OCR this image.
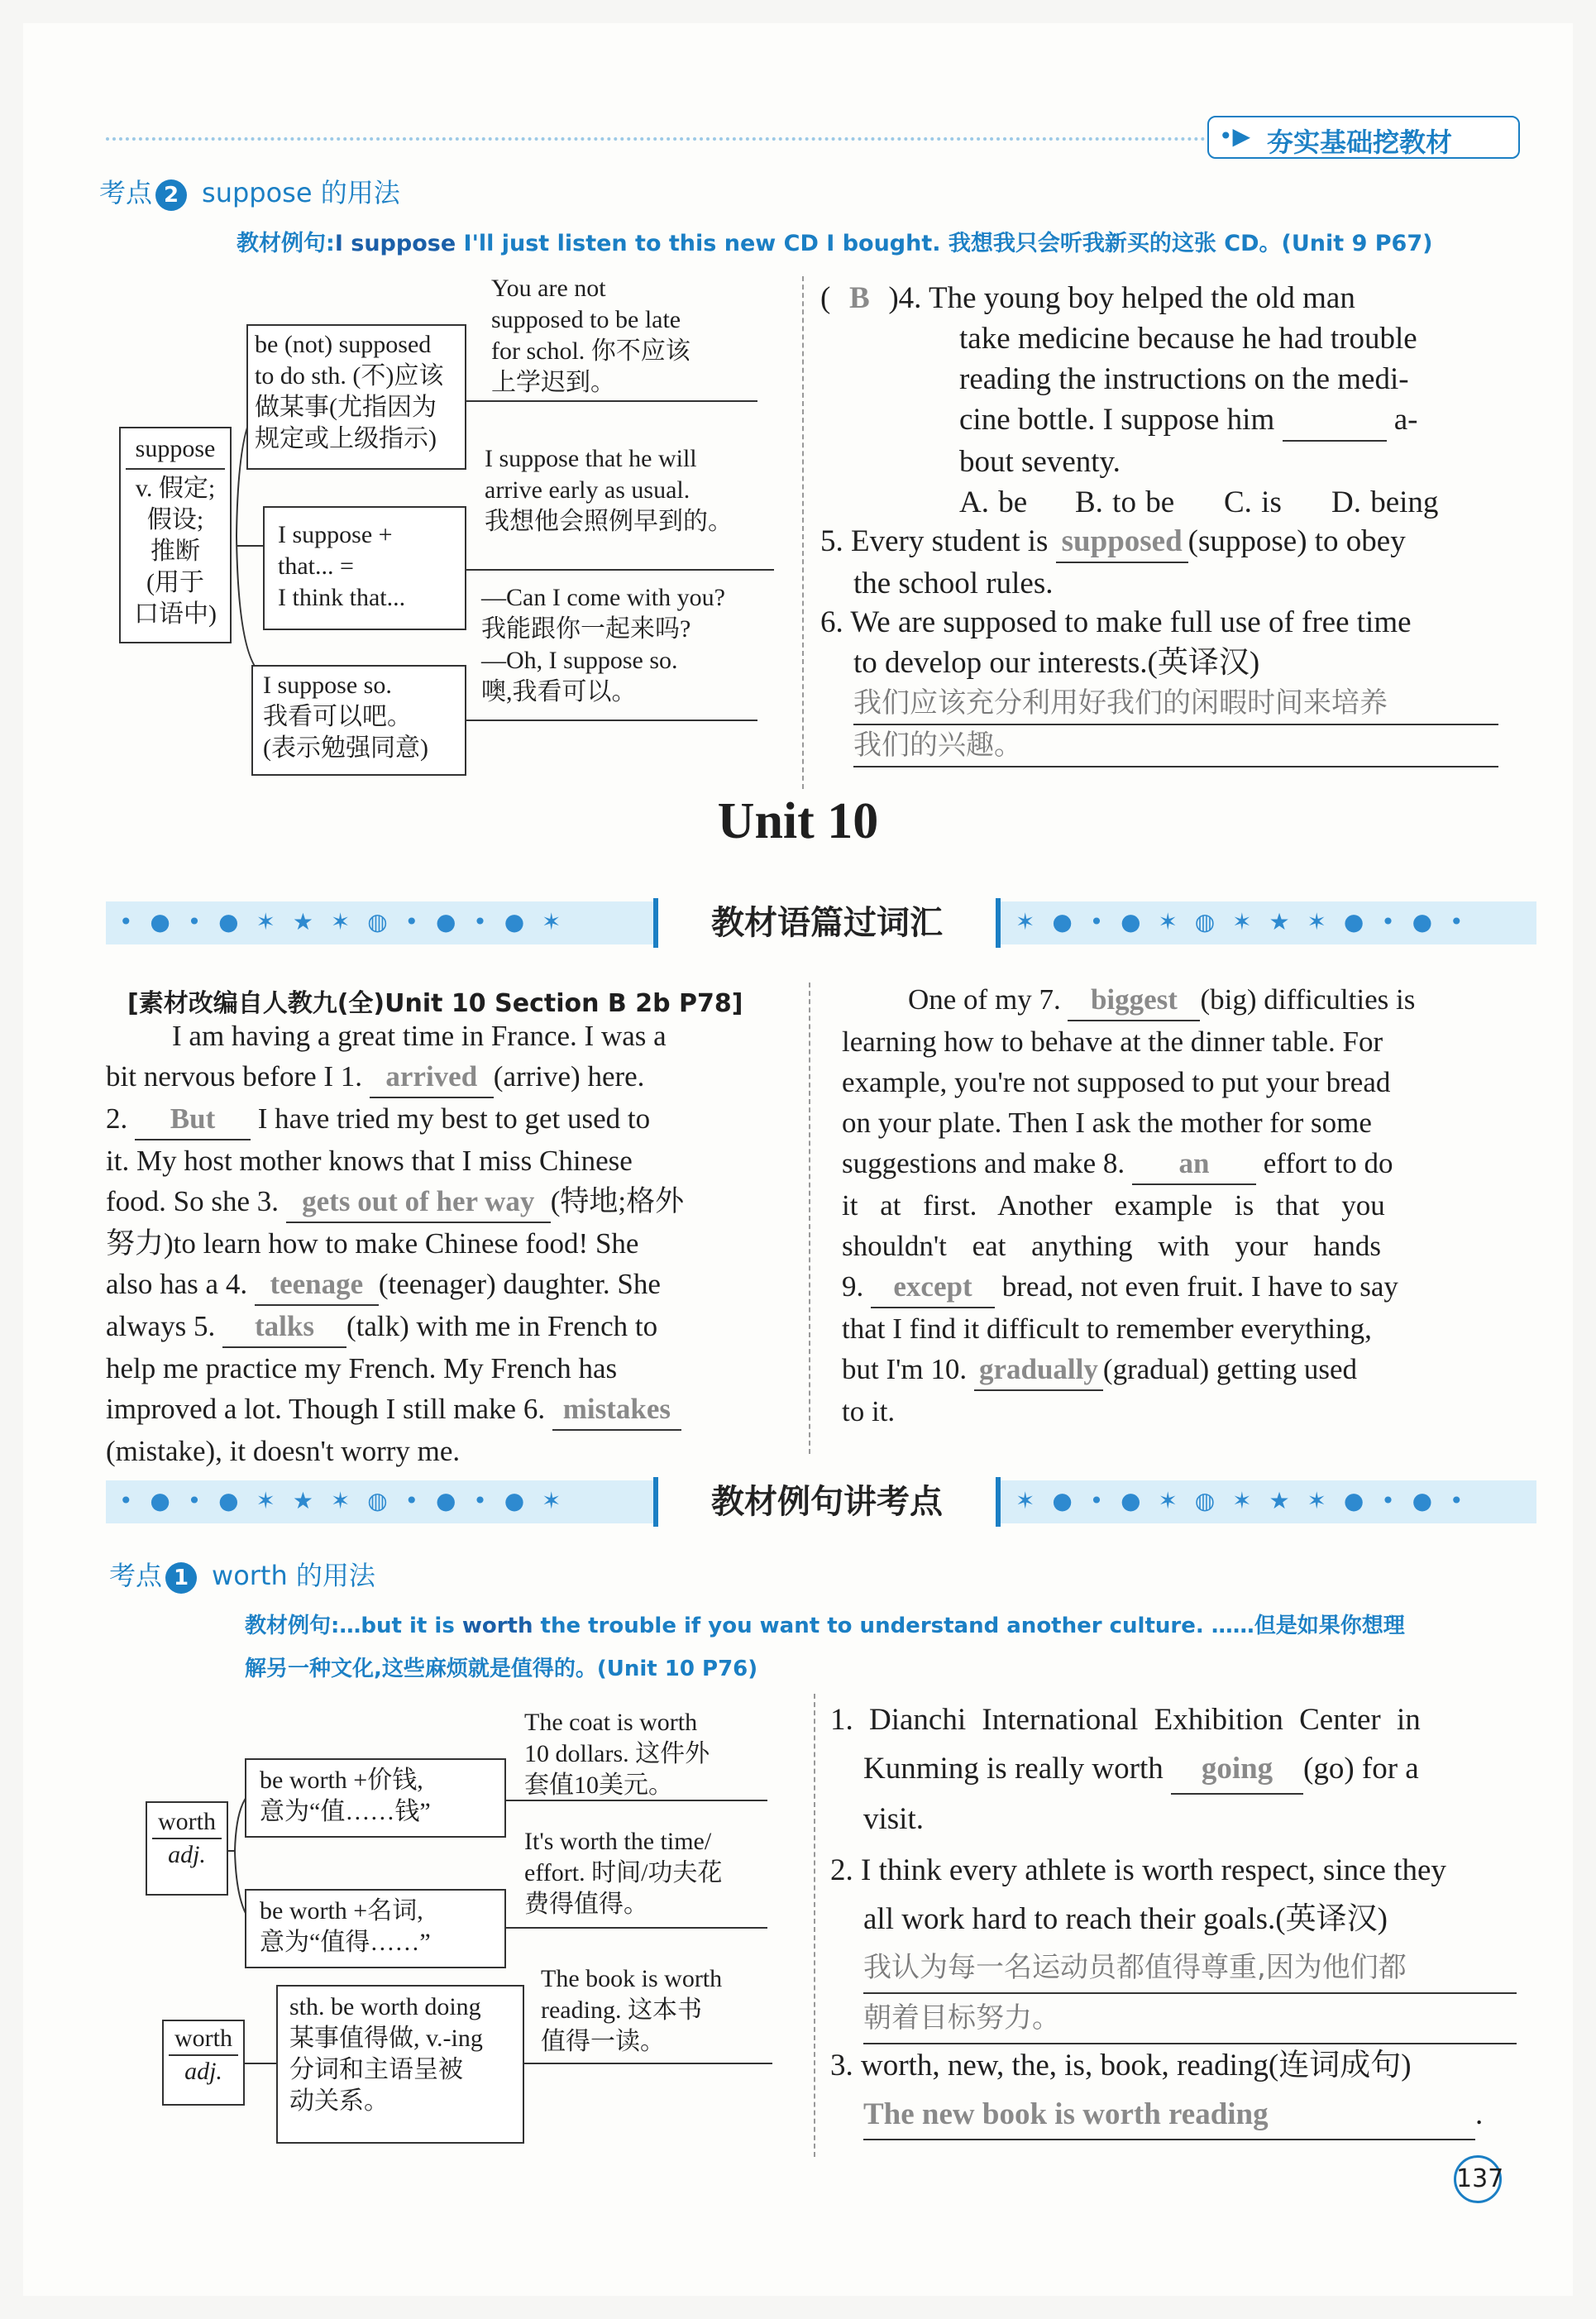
•▶ 夯实基础挖教材
考点 2 suppose 的用法
教材例句:I suppose I'll just listen to this new CD I bought. 我想我只会听我新买的这张 CD。(Unit 9 P67)
suppose
v. 假定;
假设;
推断
(用于
口语中)
be (not) supposed
to do sth. (不)应该
做某事(尤指因为
规定或上级指示)
You are not
supposed to be late
for schol. 你不应该
上学迟到。
I suppose +
that... =
I think that...
I suppose that he will
arrive early as usual.
我想他会照例早到的。
I suppose so.
我看可以吧。
(表示勉强同意)
—Can I come with you?
我能跟你一起来吗?
—Oh, I suppose so.
噢,我看可以。
( B )4. The young boy helped the old man
take medicine because he had trouble
reading the instructions on the medi-
cine bottle. I suppose him	a-
bout seventy.
A. be B. to be C. is D. being
5. Every student is supposed (suppose) to obey
the school rules.
6. We are supposed to make full use of free time
to develop our interests.(英译汉)
我们应该充分利用好我们的闲暇时间来培养
我们的兴趣。
Unit 10
• ● • ● ✶ ★ ✶ ◍ • ● • ● ✶	教材语篇过词汇	✶ ● • ● ✶ ◍ ✶ ★ ✶ ● • ● •
[素材改编自人教九(全)Unit 10 Section B 2b P78]
I am having a great time in France. I was a
bit nervous before I 1. arrived (arrive) here.
2. But I have tried my best to get used to
it. My host mother knows that I miss Chinese
food. So she 3. gets out of her way (特地;格外
努力)to learn how to make Chinese food! She
also has a 4. teenage (teenager) daughter. She
always 5. talks (talk) with me in French to
help me practice my French. My French has
improved a lot. Though I still make 6. mistakes
(mistake), it doesn't worry me.
One of my 7. biggest (big) difficulties is
learning how to behave at the dinner table. For
example, you're not supposed to put your bread
on your plate. Then I ask the mother for some
suggestions and make 8. an effort to do
it at first. Another example is that you
shouldn't eat anything with your hands
9. except bread, not even fruit. I have to say
that I find it difficult to remember everything,
but I'm 10. gradually (gradual) getting used
to it.
• ● • ● ✶ ★ ✶ ◍ • ● • ● ✶	教材例句讲考点	✶ ● • ● ✶ ◍ ✶ ★ ✶ ● • ● •
考点 1 worth 的用法
教材例句:…but it is worth the trouble if you want to understand another culture. ……但是如果你想理
解另一种文化,这些麻烦就是值得的。(Unit 10 P76)
worth
adj.
be worth +价钱,
意为“值……钱”
The coat is worth
10 dollars. 这件外
套值10美元。
be worth +名词,
意为“值得……”
It's worth the time/
effort. 时间/功夫花
费得值得。
worth
adj.
sth. be worth doing
某事值得做, v.-ing
分词和主语呈被
动关系。
The book is worth
reading. 这本书
值得一读。
1. Dianchi International Exhibition Center in
Kunming is really worth going (go) for a
visit.
2. I think every athlete is worth respect, since they
all work hard to reach their goals.(英译汉)
我认为每一名运动员都值得尊重,因为他们都
朝着目标努力。
3. worth, new, the, is, book, reading(连词成句)
The new book is worth reading	.
137
